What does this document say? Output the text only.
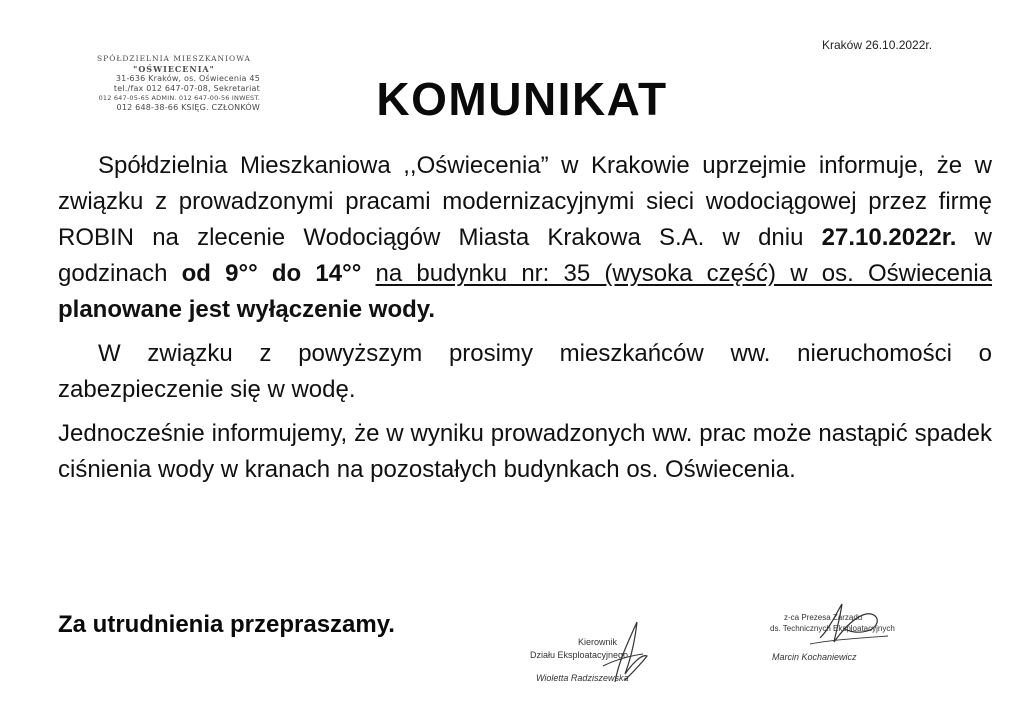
Kraków 26.10.2022r.
SPÓŁDZIELNIA MIESZKANIOWA
"OŚWIECENIA"
31-636 Kraków, os. Oświecenia 45
tel./fax 012 647-07-08, Sekretariat
012 647-05-65 ADMIN. 012 647-00-56 INWEST.
012 648-38-66 KSIĘG. CZŁONKÓW	KOMUNIKAT

Spółdzielnia Mieszkaniowa ,,Oświecenia” w Krakowie uprzejmie informuje, że w związku z prowadzonymi pracami modernizacyjnymi sieci wodociągowej przez firmę ROBIN na zlecenie Wodociągów Miasta Krakowa S.A. w dniu 27.10.2022r. w godzinach od 9°° do 14°° na budynku nr: 35 (wysoka część) w os. Oświecenia planowane jest wyłączenie wody.

W związku z powyższym prosimy mieszkańców ww. nieruchomości o zabezpieczenie się w wodę.

Jednocześnie informujemy, że w wyniku prowadzonych ww. prac może nastąpić spadek ciśnienia wody w kranach na pozostałych budynkach os. Oświecenia.

Za utrudnienia przepraszamy.
Kierownik
Działu Eksploatacyjnego
Wioletta Radziszewska
z-ca Prezesa Zarządu
ds. Technicznych Eksploatacyjnych
Marcin Kochaniewicz
